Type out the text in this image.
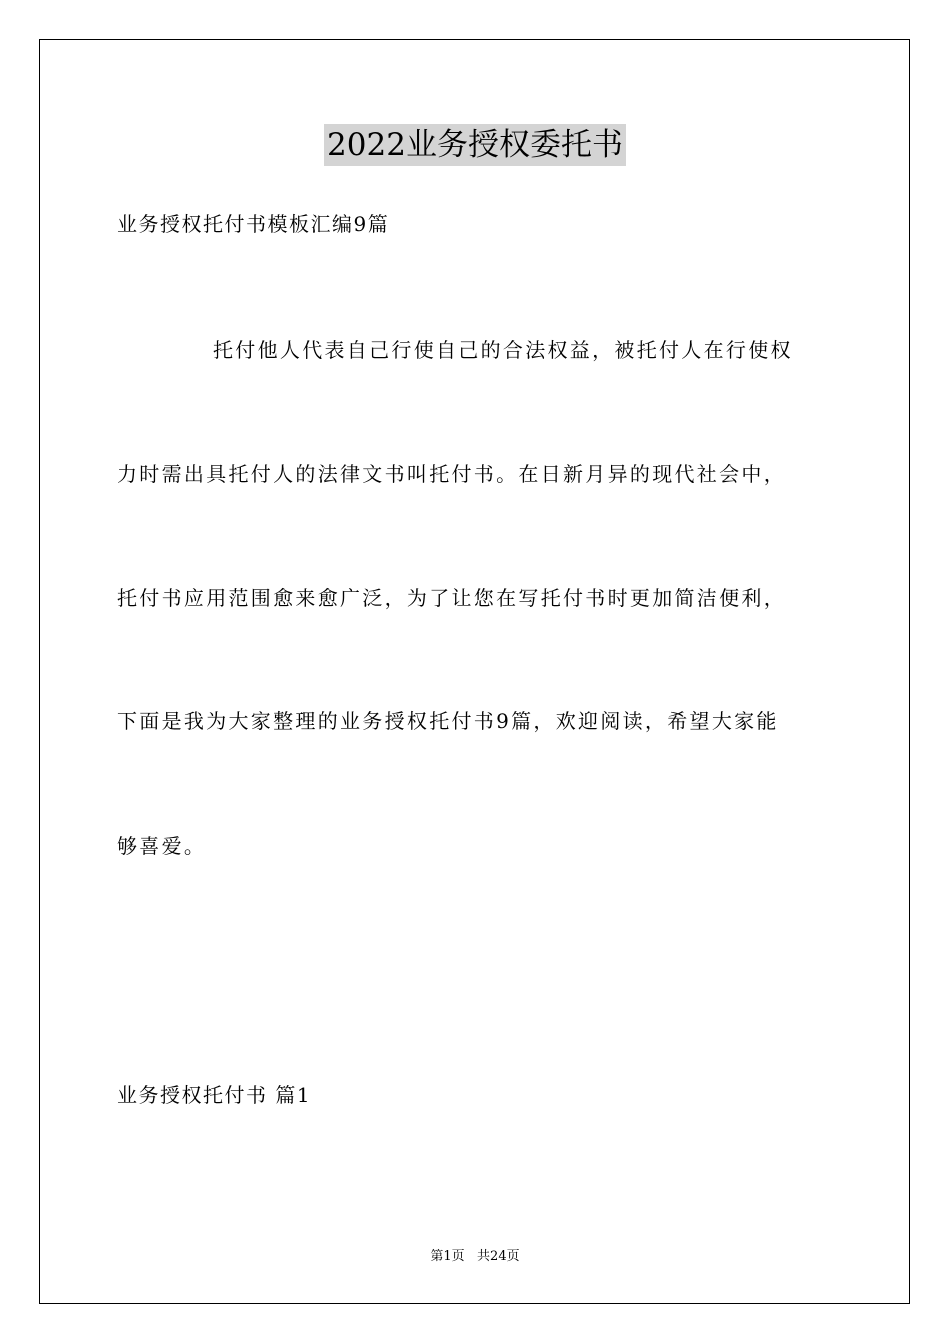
2022业务授权委托书
业务授权托付书模板汇编9篇
托付他人代表自己行使自己的合法权益，被托付人在行使权
力时需出具托付人的法律文书叫托付书。在日新月异的现代社会中，
托付书应用范围愈来愈广泛，为了让您在写托付书时更加简洁便利，
下面是我为大家整理的业务授权托付书9篇，欢迎阅读，希望大家能
够喜爱。
业务授权托付书 篇1
第1页   共24页
